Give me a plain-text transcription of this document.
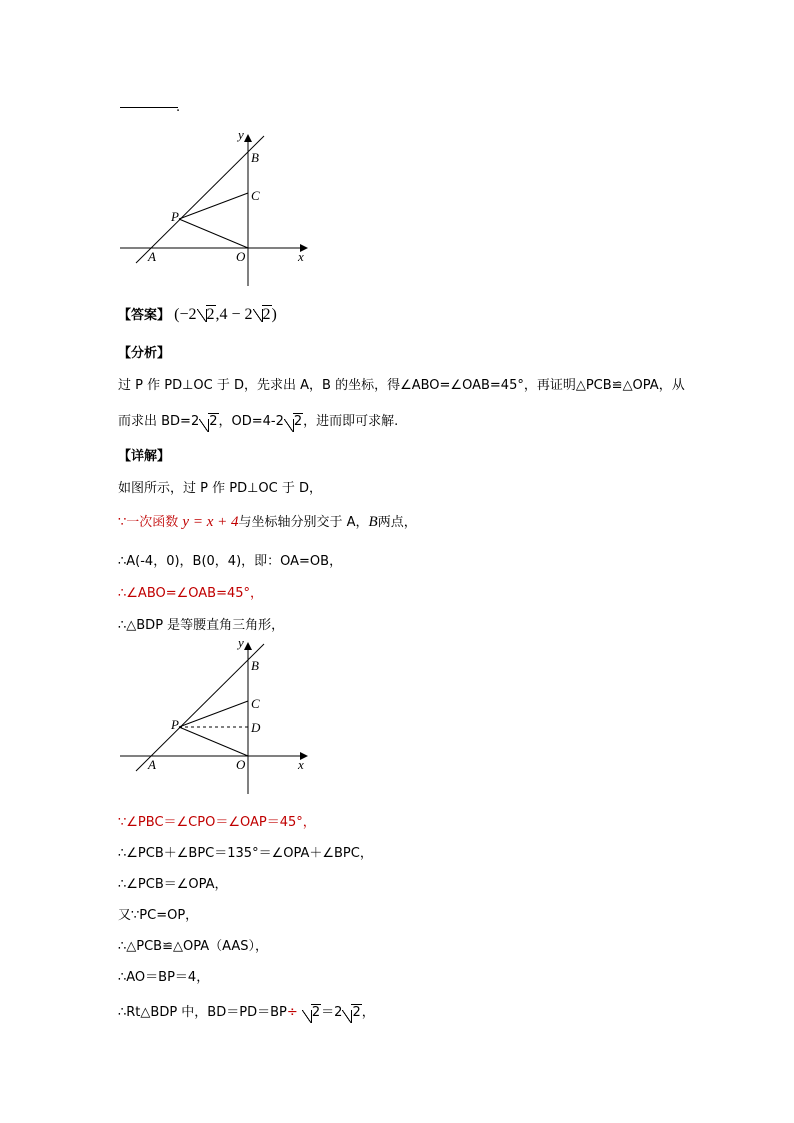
.
y
B
C
P
A	O	x
【答案】 (−2 2,4 − 2 2)
【分析】
过 P 作 PD⊥OC 于 D，先求出 A，B 的坐标，得∠ABO=∠OAB=45°，再证明△PCB≌△OPA，从
而求出 BD=2 2，OD=4-2 2，进而即可求解.
【详解】
如图所示，过 P 作 PD⊥OC 于 D，
∵一次函数 y = x + 4与坐标轴分别交于 A，B两点，
∴A(-4，0)，B(0，4)，即：OA=OB，
∴∠ABO=∠OAB=45°，
∴△BDP 是等腰直角三角形，
y
B
C
P	D
A	O	x
∵∠PBC＝∠CPO＝∠OAP＝45°，
∴∠PCB＋∠BPC＝135°＝∠OPA＋∠BPC，
∴∠PCB＝∠OPA，
又∵PC=OP，
∴△PCB≌△OPA（AAS），
∴AO＝BP＝4，
∴Rt△BDP 中，BD＝PD＝BP÷ 2＝2 2，
